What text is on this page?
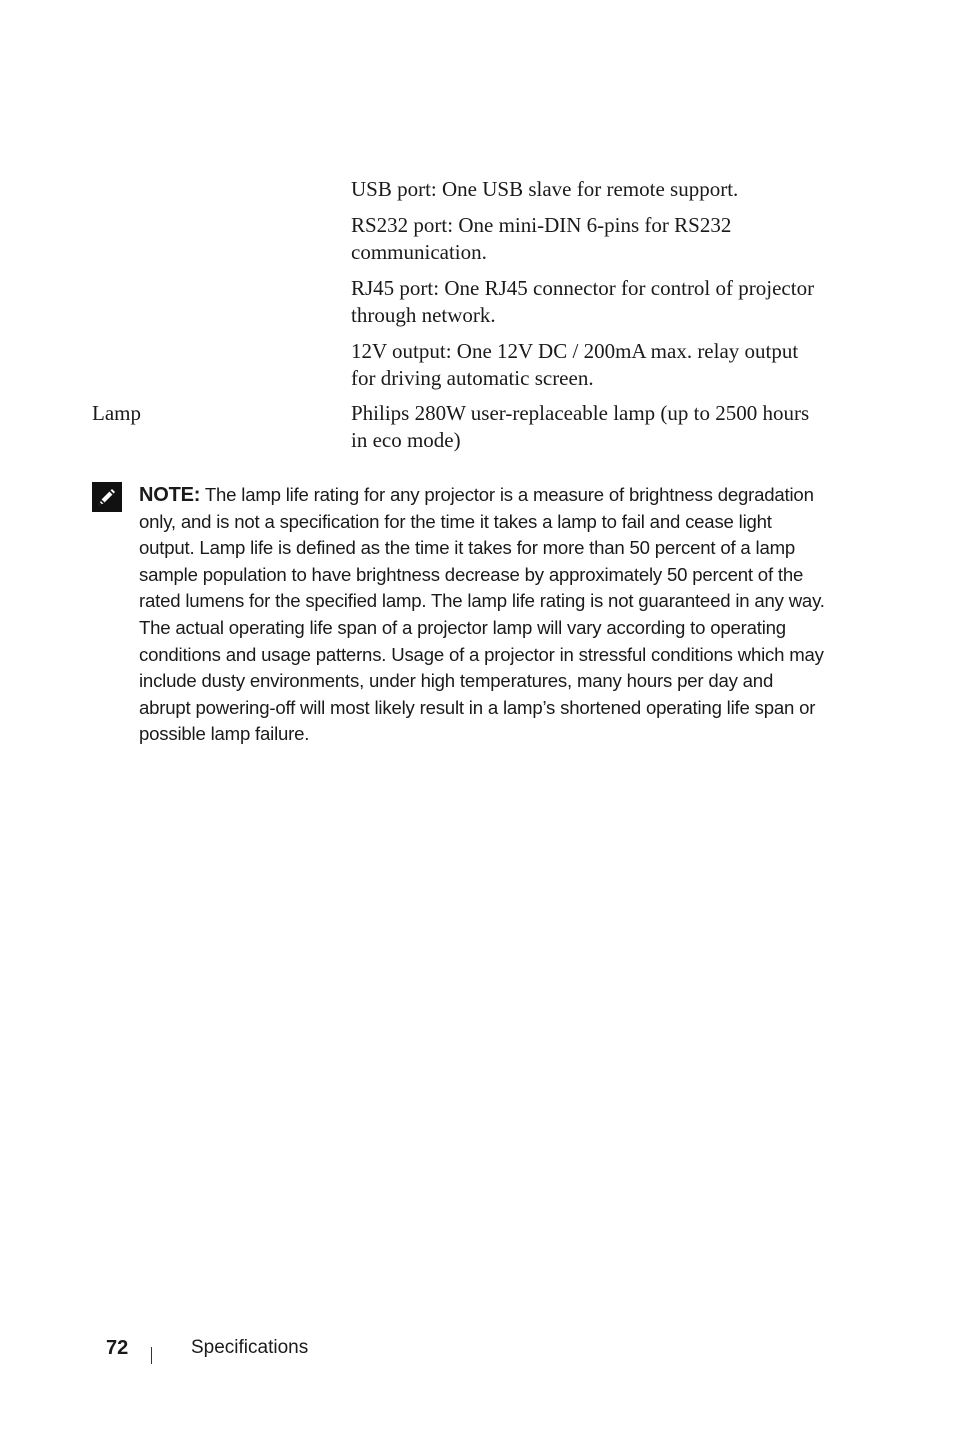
USB port: One USB slave for remote support.
RS232 port: One mini-DIN 6-pins for RS232 communication.
RJ45 port: One RJ45 connector for control of projector through network.
12V output: One 12V DC / 200mA max. relay output for driving automatic screen.
Lamp	Philips 280W user-replaceable lamp (up to 2500 hours in eco mode)
NOTE: The lamp life rating for any projector is a measure of brightness degradation only, and is not a specification for the time it takes a lamp to fail and cease light output. Lamp life is defined as the time it takes for more than 50 percent of a lamp sample population to have brightness decrease by approximately 50 percent of the rated lumens for the specified lamp. The lamp life rating is not guaranteed in any way. The actual operating life span of a projector lamp will vary according to operating conditions and usage patterns. Usage of a projector in stressful conditions which may include dusty environments, under high temperatures, many hours per day and abrupt powering-off will most likely result in a lamp’s shortened operating life span or possible lamp failure.
72	Specifications
